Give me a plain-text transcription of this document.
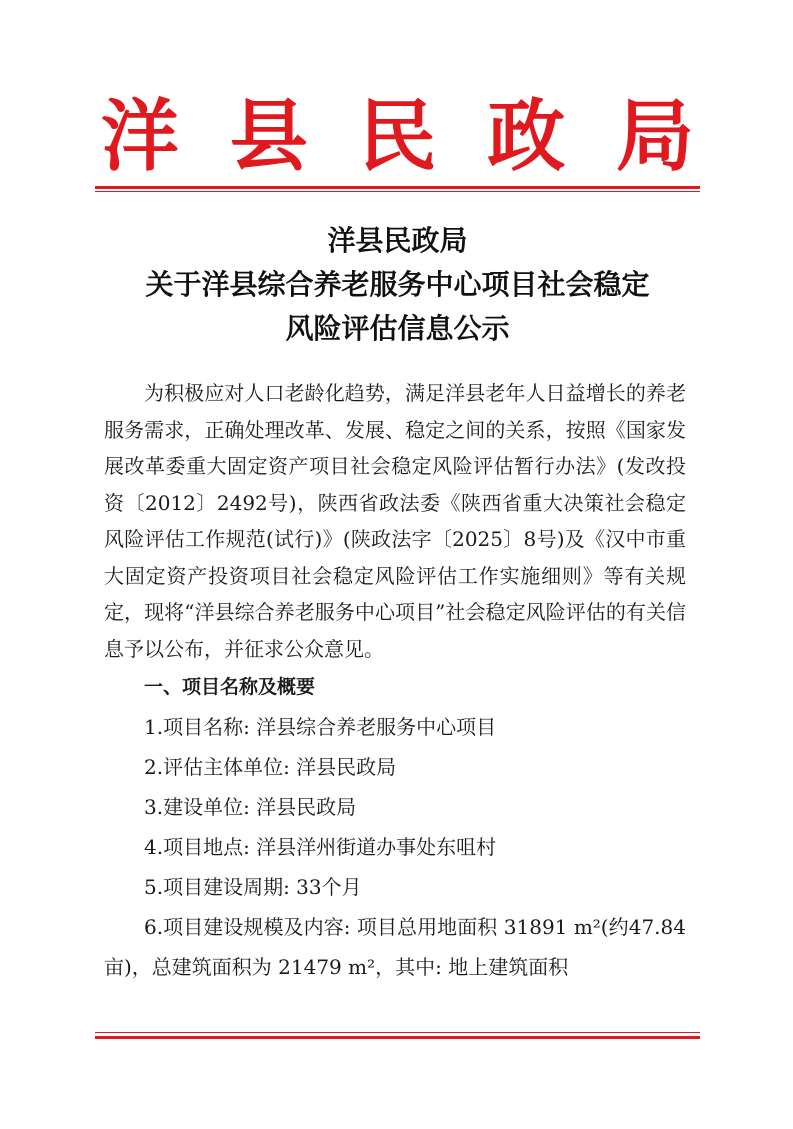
洋 县 民 政 局
洋县民政局
关于洋县综合养老服务中心项目社会稳定
风险评估信息公示

为积极应对人口老龄化趋势，满足洋县老年人日益增长的养老服务需求，正确处理改革、发展、稳定之间的关系，按照《国家发展改革委重大固定资产项目社会稳定风险评估暂行办法》(发改投资〔2012〕2492号)，陕西省政法委《陕西省重大决策社会稳定风险评估工作规范(试行)》(陕政法字〔2025〕8号)及《汉中市重大固定资产投资项目社会稳定风险评估工作实施细则》等有关规定，现将“洋县综合养老服务中心项目”社会稳定风险评估的有关信息予以公布，并征求公众意见。

一、项目名称及概要

1.项目名称: 洋县综合养老服务中心项目

2.评估主体单位: 洋县民政局

3.建设单位: 洋县民政局

4.项目地点: 洋县洋州街道办事处东咀村

5.项目建设周期: 33个月

6.项目建设规模及内容: 项目总用地面积 31891 m²(约47.84亩)，总建筑面积为 21479 m²，其中: 地上建筑面积
